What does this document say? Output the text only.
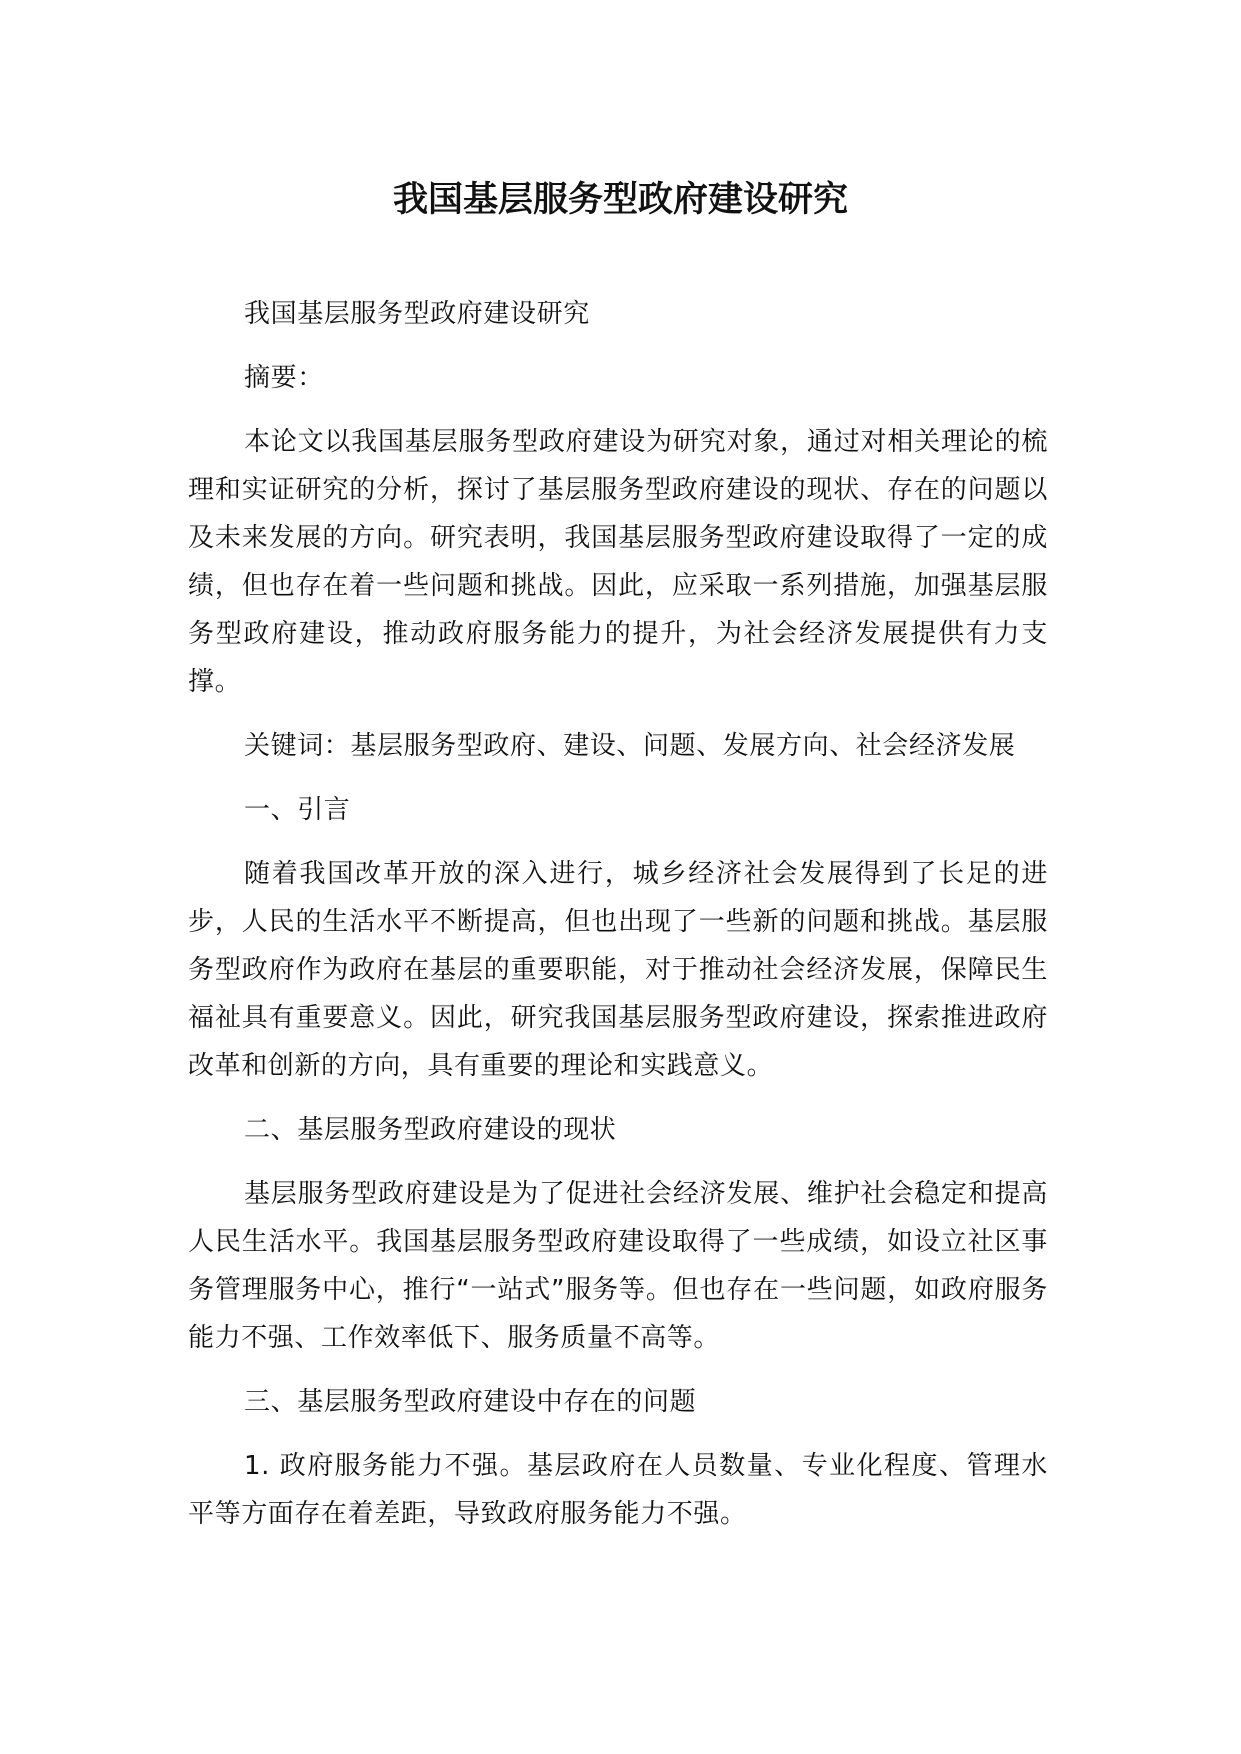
我国基层服务型政府建设研究

我国基层服务型政府建设研究

摘要：

本论文以我国基层服务型政府建设为研究对象，通过对相关理论的梳理和实证研究的分析，探讨了基层服务型政府建设的现状、存在的问题以及未来发展的方向。研究表明，我国基层服务型政府建设取得了一定的成绩，但也存在着一些问题和挑战。因此，应采取一系列措施，加强基层服务型政府建设，推动政府服务能力的提升，为社会经济发展提供有力支撑。

关键词：基层服务型政府、建设、问题、发展方向、社会经济发展

一、引言

随着我国改革开放的深入进行，城乡经济社会发展得到了长足的进步，人民的生活水平不断提高，但也出现了一些新的问题和挑战。基层服务型政府作为政府在基层的重要职能，对于推动社会经济发展，保障民生福祉具有重要意义。因此，研究我国基层服务型政府建设，探索推进政府改革和创新的方向，具有重要的理论和实践意义。

二、基层服务型政府建设的现状

基层服务型政府建设是为了促进社会经济发展、维护社会稳定和提高人民生活水平。我国基层服务型政府建设取得了一些成绩，如设立社区事务管理服务中心，推行“一站式”服务等。但也存在一些问题，如政府服务能力不强、工作效率低下、服务质量不高等。

三、基层服务型政府建设中存在的问题

1. 政府服务能力不强。基层政府在人员数量、专业化程度、管理水平等方面存在着差距，导致政府服务能力不强。
